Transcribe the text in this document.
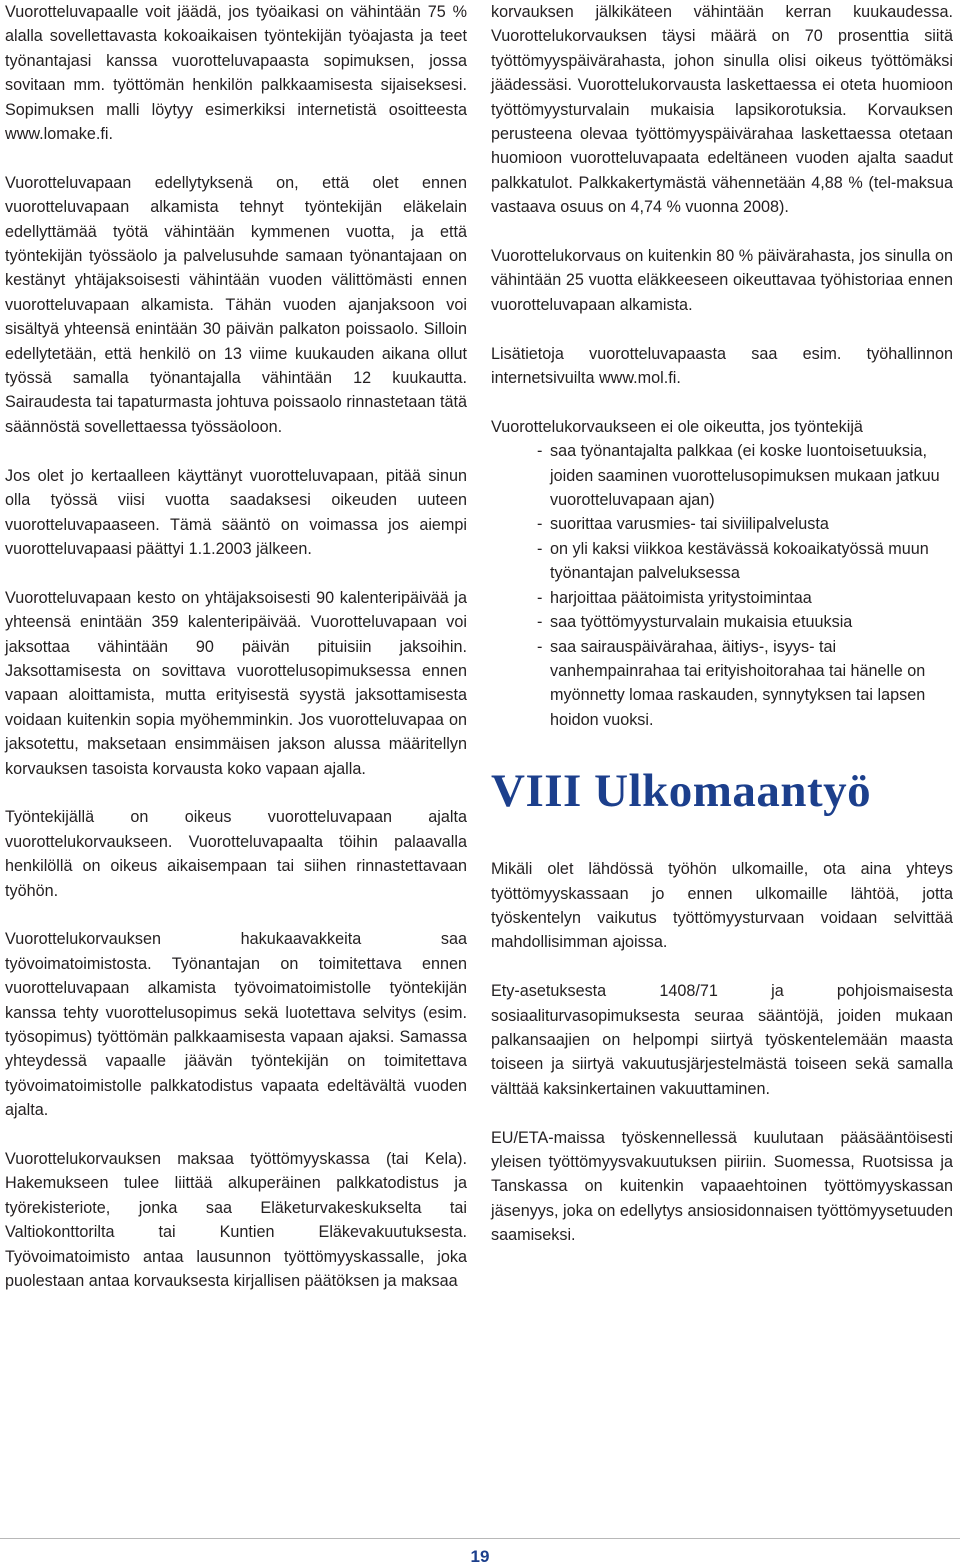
Vuorotteluvapaalle voit jäädä, jos työaikasi on vähintään 75 % alalla sovellettavasta kokoaikaisen työntekijän työajasta ja teet työnantajasi kanssa vuorotteluvapaasta sopimuksen, jossa sovitaan mm. työttömän henkilön palkkaamisesta sijaiseksesi. Sopimuksen malli löytyy esimerkiksi internetistä osoitteesta www.lomake.fi.

Vuorotteluvapaan edellytyksenä on, että olet ennen vuorotteluvapaan alkamista tehnyt työntekijän eläkelain edellyttämää työtä vähintään kymmenen vuotta, ja että työntekijän työssäolo ja palvelusuhde samaan työnantajaan on kestänyt yhtäjaksoisesti vähintään vuoden välittömästi ennen vuorotteluvapaan alkamista. Tähän vuoden ajanjaksoon voi sisältyä yhteensä enintään 30 päivän palkaton poissaolo. Silloin edellytetään, että henkilö on 13 viime kuukauden aikana ollut työssä samalla työnantajalla vähintään 12 kuukautta. Sairaudesta tai tapaturmasta johtuva poissaolo rinnastetaan tätä säännöstä sovellettaessa työssäoloon.

Jos olet jo kertaalleen käyttänyt vuorotteluvapaan, pitää sinun olla työssä viisi vuotta saadaksesi oikeuden uuteen vuorotteluvapaaseen. Tämä sääntö on voimassa jos aiempi vuorotteluvapaasi päättyi 1.1.2003 jälkeen.

Vuorotteluvapaan kesto on yhtäjaksoisesti 90 kalenteripäivää ja yhteensä enintään 359 kalenteripäivää. Vuorotteluvapaan voi jaksottaa vähintään 90 päivän pituisiin jaksoihin. Jaksottamisesta on sovittava vuorottelusopimuksessa ennen vapaan aloittamista, mutta erityisestä syystä jaksottamisesta voidaan kuitenkin sopia myöhemminkin. Jos vuorotteluvapaa on jaksotettu, maksetaan ensimmäisen jakson alussa määritellyn korvauksen tasoista korvausta koko vapaan ajalla.

Työntekijällä on oikeus vuorotteluvapaan ajalta vuorottelukorvaukseen. Vuorotteluvapaalta töihin palaavalla henkilöllä on oikeus aikaisempaan tai siihen rinnastettavaan työhön.

Vuorottelukorvauksen hakukaavakkeita saa työvoimatoimistosta. Työnantajan on toimitettava ennen vuorotteluvapaan alkamista työvoimatoimistolle työntekijän kanssa tehty vuorottelusopimus sekä luotettava selvitys (esim. työsopimus) työttömän palkkaamisesta vapaan ajaksi. Samassa yhteydessä vapaalle jäävän työntekijän on toimitettava työvoimatoimistolle palkkatodistus vapaata edeltävältä vuoden ajalta.

Vuorottelukorvauksen maksaa työttömyyskassa (tai Kela). Hakemukseen tulee liittää alkuperäinen palkkatodistus ja työrekisteriote, jonka saa Eläketurvakeskukselta tai Valtiokonttorilta tai Kuntien Eläkevakuutuksesta. Työvoimatoimisto antaa lausunnon työttömyyskassalle, joka puolestaan antaa korvauksesta kirjallisen päätöksen ja maksaa

korvauksen jälkikäteen vähintään kerran kuukaudessa. Vuorottelukorvauksen täysi määrä on 70 prosenttia siitä työttömyyspäivärahasta, johon sinulla olisi oikeus työttömäksi jäädessäsi. Vuorottelukorvausta laskettaessa ei oteta huomioon työttömyysturvalain mukaisia lapsikorotuksia. Korvauksen perusteena olevaa työttömyyspäivärahaa laskettaessa otetaan huomioon vuorotteluvapaata edeltäneen vuoden ajalta saadut palkkatulot. Palkkakertymästä vähennetään 4,88 % (tel-maksua vastaava osuus on 4,74 % vuonna 2008).

Vuorottelukorvaus on kuitenkin 80 % päivärahasta, jos sinulla on vähintään 25 vuotta eläkkeeseen oikeuttavaa työhistoriaa ennen vuorotteluvapaan alkamista.

Lisätietoja vuorotteluvapaasta saa esim. työhallinnon internetsivuilta www.mol.fi.

Vuorottelukorvaukseen ei ole oikeutta, jos työntekijä

- saa työnantajalta palkkaa (ei koske luontoisetuuksia, joiden saaminen vuorottelusopimuksen mukaan jatkuu vuorotteluvapaan ajan)
- suorittaa varusmies- tai siviilipalvelusta
- on yli kaksi viikkoa kestävässä kokoaikatyössä muun työnantajan palveluksessa
- harjoittaa päätoimista yritystoimintaa
- saa työttömyysturvalain mukaisia etuuksia
- saa sairauspäivärahaa, äitiys-, isyys- tai vanhempainrahaa tai erityishoitorahaa tai hänelle on myönnetty lomaa raskauden, synnytyksen tai lapsen hoidon vuoksi.
VIII Ulkomaantyö

Mikäli olet lähdössä työhön ulkomaille, ota aina yhteys työttömyyskassaan jo ennen ulkomaille lähtöä, jotta työskentelyn vaikutus työttömyysturvaan voidaan selvittää mahdollisimman ajoissa.

Ety-asetuksesta 1408/71 ja pohjoismaisesta sosiaaliturvasopimuksesta seuraa sääntöjä, joiden mukaan palkansaajien on helpompi siirtyä työskentelemään maasta toiseen ja siirtyä vakuutusjärjestelmästä toiseen sekä samalla välttää kaksinkertainen vakuuttaminen.

EU/ETA-maissa työskennellessä kuulutaan pääsääntöisesti yleisen työttömyysvakuutuksen piiriin. Suomessa, Ruotsissa ja Tanskassa on kuitenkin vapaaehtoinen työttömyyskassan jäsenyys, joka on edellytys ansiosidonnaisen työttömyysetuuden saamiseksi.

19
